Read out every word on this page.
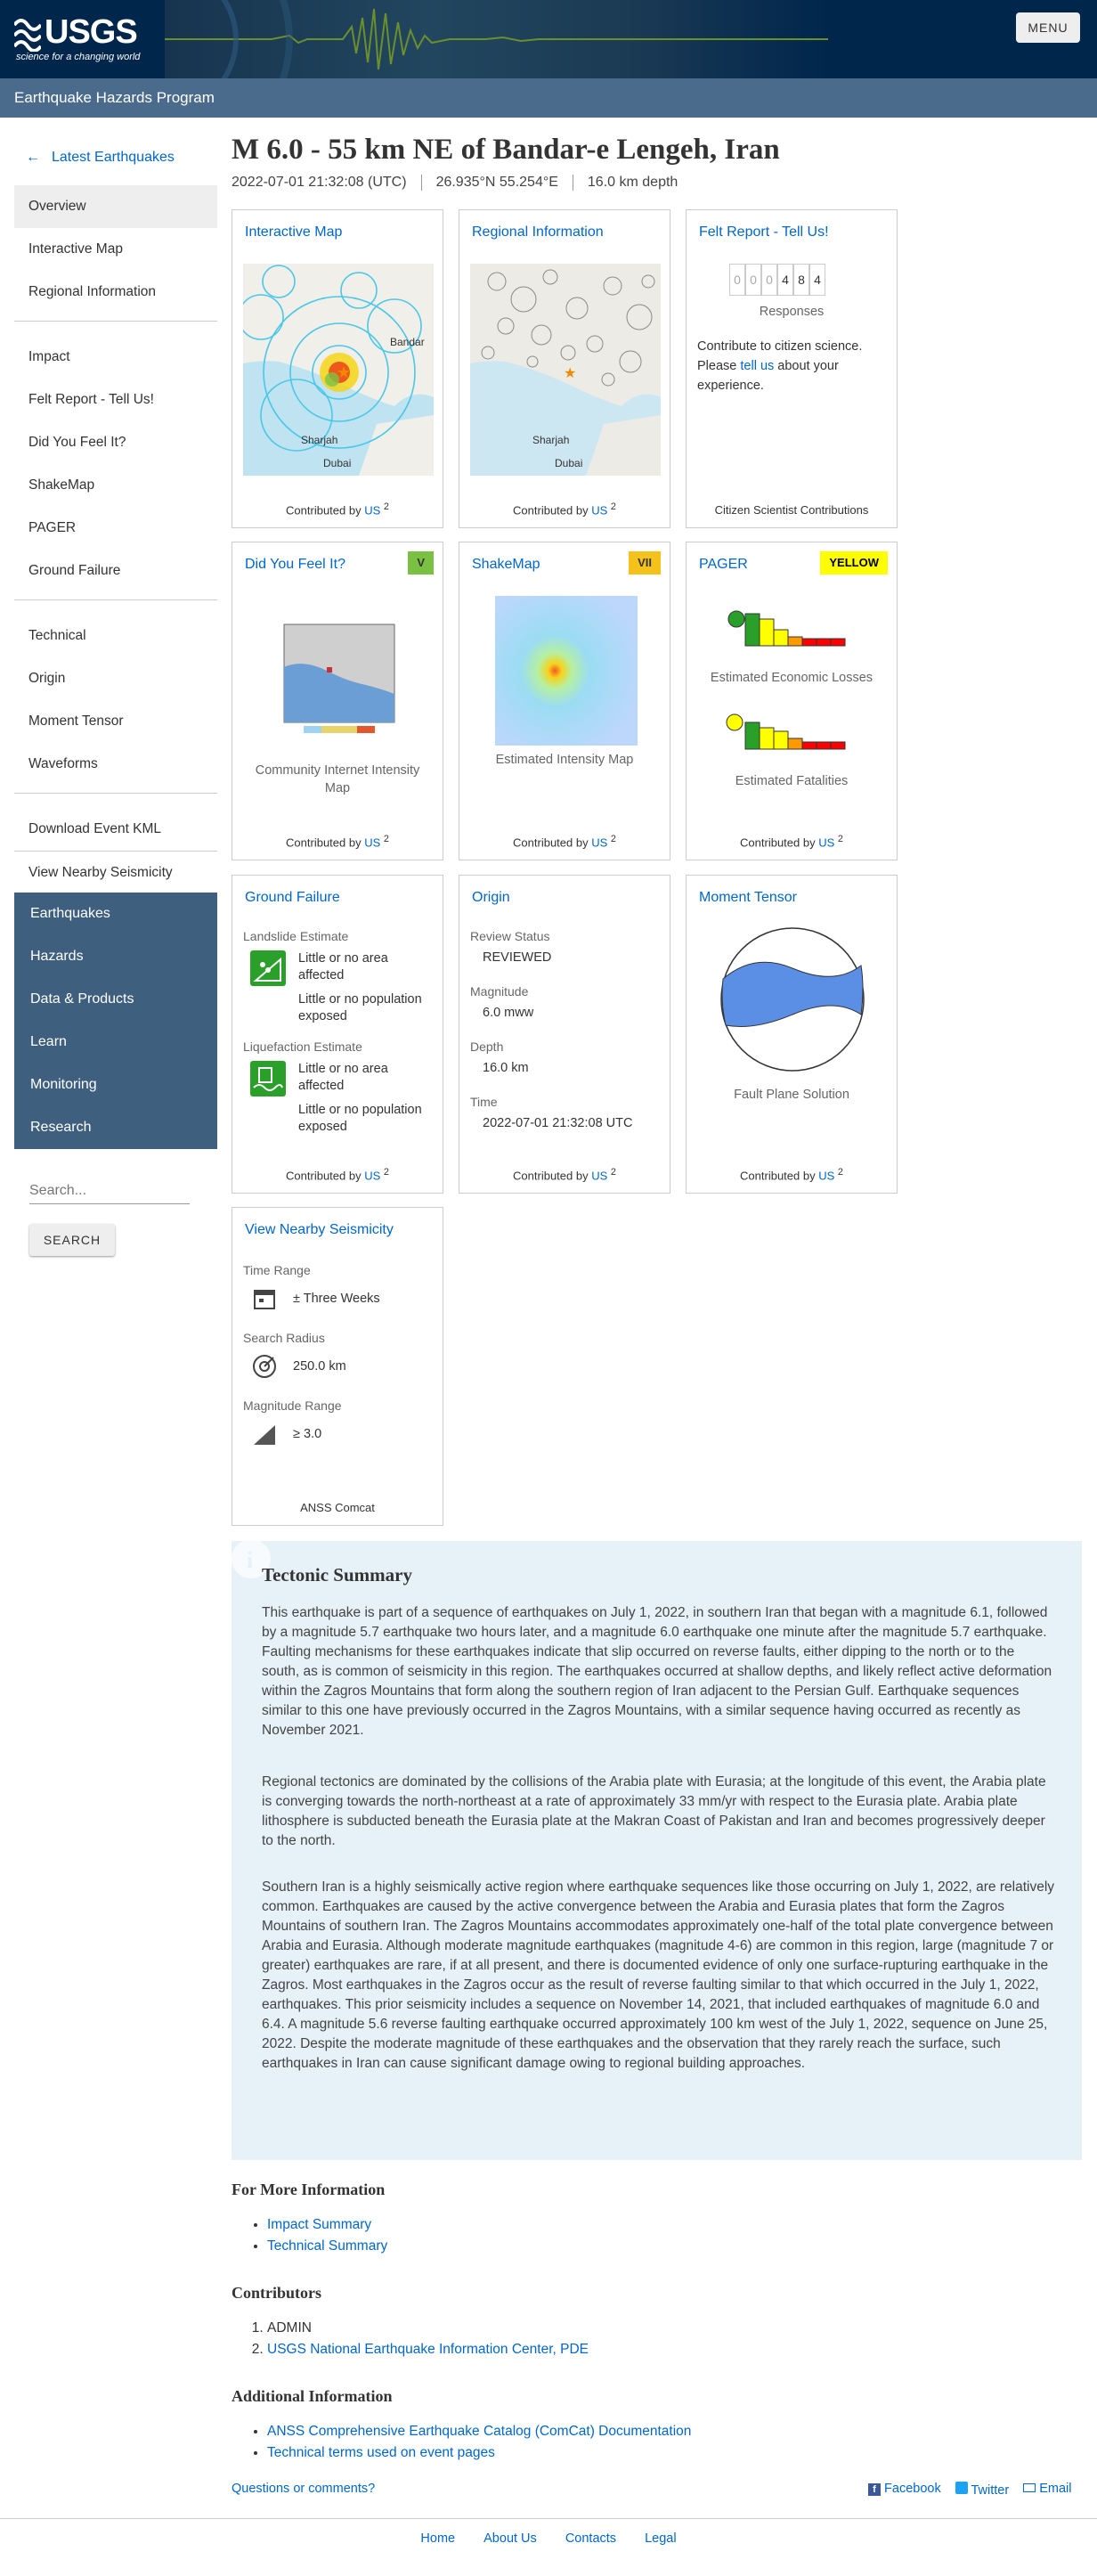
USGS
science for a changing world
MENU
Earthquake Hazards Program
← Latest Earthquakes
Overview
Interactive Map
Regional Information
Impact
Felt Report - Tell Us!
Did You Feel It?
ShakeMap
PAGER
Ground Failure
Technical
Origin
Moment Tensor
Waveforms
Download Event KML
View Nearby Seismicity
Earthquakes
Hazards
Data & Products
Learn
Monitoring
Research
Search...
SEARCH
M 6.0 - 55 km NE of Bandar-e Lengeh, Iran
2022-07-01 21:32:08 (UTC) 26.935°N 55.254°E 16.0 km depth
Interactive Map
★
Bandar
Sharjah
Dubai
Contributed by US $^2$
Regional Information
★
Sharjah
Dubai
Contributed by US $^2$
Felt Report - Tell Us!
0 0 0 4 8 4
Responses
Contribute to citizen science. Please tell us about your experience.
Citizen Scientist Contributions
Did You Feel It?	V
Community Internet Intensity Map
Contributed by US $^2$
ShakeMap	VII
Estimated Intensity Map
Contributed by US $^2$
PAGER	YELLOW
Estimated Economic Losses
Estimated Fatalities
Contributed by US $^2$
Ground Failure
Landslide Estimate
Little or no area affected
Little or no population exposed
Liquefaction Estimate
Little or no area affected
Little or no population exposed
Contributed by US $^2$
Origin
Review Status
REVIEWED
Magnitude
6.0 mww
Depth
16.0 km
Time
2022-07-01 21:32:08 UTC
Contributed by US $^2$
Moment Tensor
Fault Plane Solution
Contributed by US $^2$
View Nearby Seismicity
Time Range
± Three Weeks
Search Radius
250.0 km
Magnitude Range
≥ 3.0
ANSS Comcat
i
Tectonic Summary

This earthquake is part of a sequence of earthquakes on July 1, 2022, in southern Iran that began with a magnitude 6.1, followed by a magnitude 5.7 earthquake two hours later, and a magnitude 6.0 earthquake one minute after the magnitude 5.7 earthquake. Faulting mechanisms for these earthquakes indicate that slip occurred on reverse faults, either dipping to the north or to the south, as is common of seismicity in this region. The earthquakes occurred at shallow depths, and likely reflect active deformation within the Zagros Mountains that form along the southern region of Iran adjacent to the Persian Gulf. Earthquake sequences similar to this one have previously occurred in the Zagros Mountains, with a similar sequence having occurred as recently as November 2021.

Regional tectonics are dominated by the collisions of the Arabia plate with Eurasia; at the longitude of this event, the Arabia plate is converging towards the north-northeast at a rate of approximately 33 mm/yr with respect to the Eurasia plate. Arabia plate lithosphere is subducted beneath the Eurasia plate at the Makran Coast of Pakistan and Iran and becomes progressively deeper to the north.

Southern Iran is a highly seismically active region where earthquake sequences like those occurring on July 1, 2022, are relatively common. Earthquakes are caused by the active convergence between the Arabia and Eurasia plates that form the Zagros Mountains of southern Iran. The Zagros Mountains accommodates approximately one-half of the total plate convergence between Arabia and Eurasia. Although moderate magnitude earthquakes (magnitude 4-6) are common in this region, large (magnitude 7 or greater) earthquakes are rare, if at all present, and there is documented evidence of only one surface-rupturing earthquake in the Zagros. Most earthquakes in the Zagros occur as the result of reverse faulting similar to that which occurred in the July 1, 2022, earthquakes. This prior seismicity includes a sequence on November 14, 2021, that included earthquakes of magnitude 6.0 and 6.4. A magnitude 5.6 reverse faulting earthquake occurred approximately 100 km west of the July 1, 2022, sequence on June 25, 2022. Despite the moderate magnitude of these earthquakes and the observation that they rarely reach the surface, such earthquakes in Iran can cause significant damage owing to regional building approaches.

For More Information
• Impact Summary
• Technical Summary
Contributors
1. ADMIN
2. USGS National Earthquake Information Center, PDE
Additional Information
• ANSS Comprehensive Earthquake Catalog (ComCat) Documentation
• Technical terms used on event pages
Questions or comments?	f Facebook	Twitter	Email
Home About Us Contacts Legal
